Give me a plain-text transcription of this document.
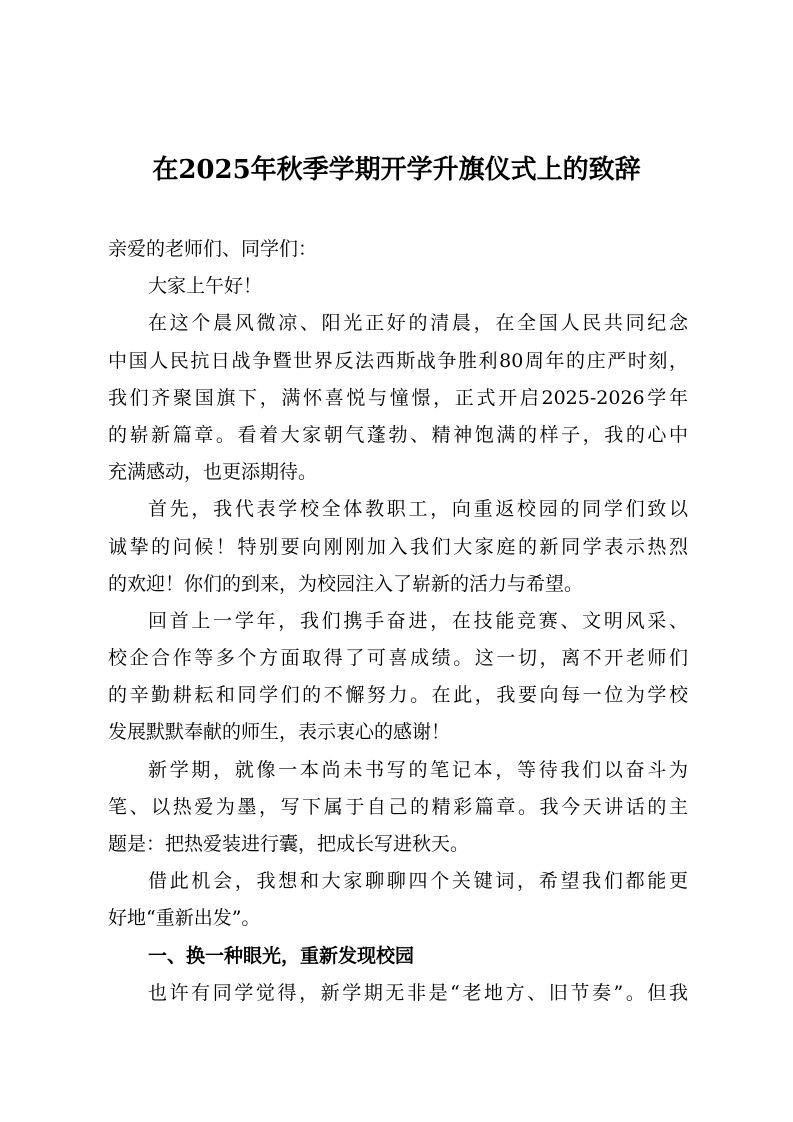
在2025年秋季学期开学升旗仪式上的致辞
亲爱的老师们、同学们：
大家上午好！
在这个晨风微凉、阳光正好的清晨，在全国人民共同纪念
中国人民抗日战争暨世界反法西斯战争胜利80周年的庄严时刻，
我们齐聚国旗下，满怀喜悦与憧憬，正式开启2025-2026学年
的崭新篇章。看着大家朝气蓬勃、精神饱满的样子，我的心中
充满感动，也更添期待。
首先，我代表学校全体教职工，向重返校园的同学们致以
诚挚的问候！特别要向刚刚加入我们大家庭的新同学表示热烈
的欢迎！你们的到来，为校园注入了崭新的活力与希望。
回首上一学年，我们携手奋进，在技能竞赛、文明风采、
校企合作等多个方面取得了可喜成绩。这一切，离不开老师们
的辛勤耕耘和同学们的不懈努力。在此，我要向每一位为学校
发展默默奉献的师生，表示衷心的感谢！
新学期，就像一本尚未书写的笔记本，等待我们以奋斗为
笔、以热爱为墨，写下属于自己的精彩篇章。我今天讲话的主
题是：把热爱装进行囊，把成长写进秋天。
借此机会，我想和大家聊聊四个关键词，希望我们都能更
好地“重新出发”。
一、换一种眼光，重新发现校园
也许有同学觉得，新学期无非是“老地方、旧节奏”。但我
